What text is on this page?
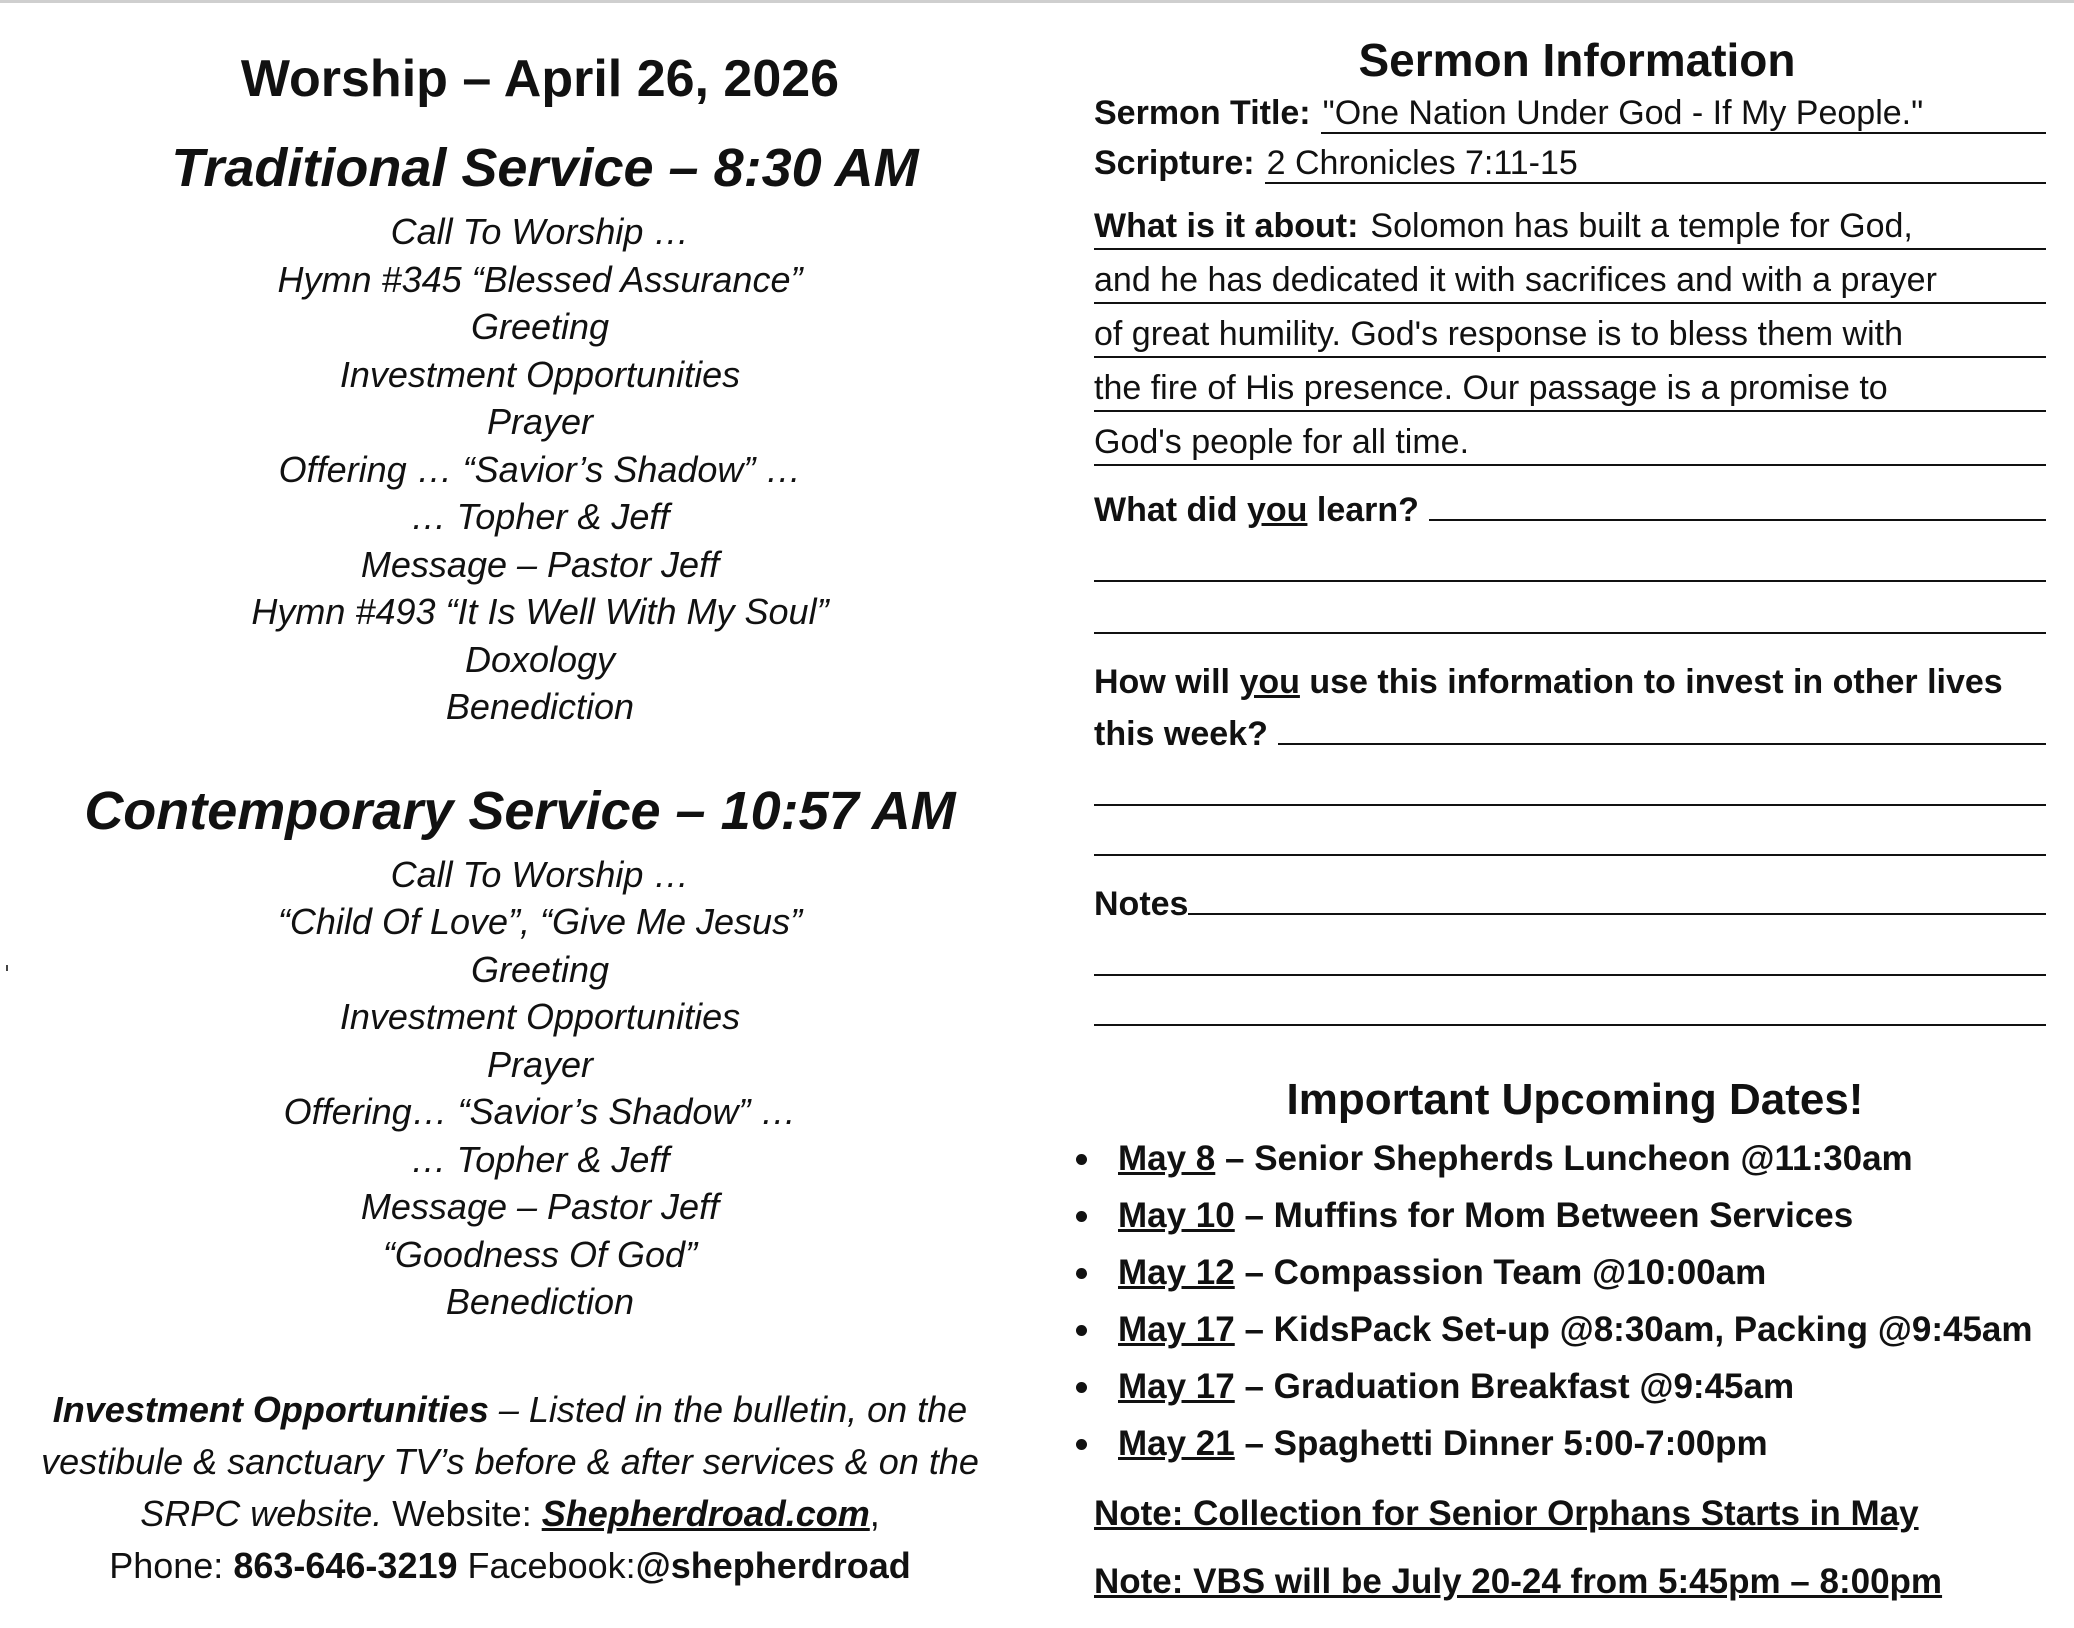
Worship – April 26, 2026
Traditional Service – 8:30 AM
Call To Worship …
Hymn #345 “Blessed Assurance”
Greeting
Investment Opportunities
Prayer
Offering … “Savior’s Shadow” …
… Topher & Jeff
Message – Pastor Jeff
Hymn #493 “It Is Well With My Soul”
Doxology
Benediction
Contemporary Service – 10:57 AM
Call To Worship …
“Child Of Love”, “Give Me Jesus”
Greeting
Investment Opportunities
Prayer
Offering… “Savior’s Shadow” …
… Topher & Jeff
Message – Pastor Jeff
“Goodness Of God”
Benediction

Investment Opportunities – Listed in the bulletin, on the vestibule & sanctuary TV’s before & after services & on the SRPC website. Website: Shepherdroad.com,
Phone: 863-646-3219 Facebook:@shepherdroad

Sermon Information
Sermon Title: "One Nation Under God - If My People."
Scripture: 2 Chronicles 7:11-15
What is it about: Solomon has built a temple for God,
and he has dedicated it with sacrifices and with a prayer
of great humility. God's response is to bless them with
the fire of His presence. Our passage is a promise to
God's people for all time.
What did you learn?
How will you use this information to invest in other lives
this week?
Notes
Important Upcoming Dates!
May 8 – Senior Shepherds Luncheon @11:30am
May 10 – Muffins for Mom Between Services
May 12 – Compassion Team @10:00am
May 17 – KidsPack Set-up @8:30am, Packing @9:45am
May 17 – Graduation Breakfast @9:45am
May 21 – Spaghetti Dinner 5:00-7:00pm
Note: Collection for Senior Orphans Starts in May
Note: VBS will be July 20-24 from 5:45pm – 8:00pm
